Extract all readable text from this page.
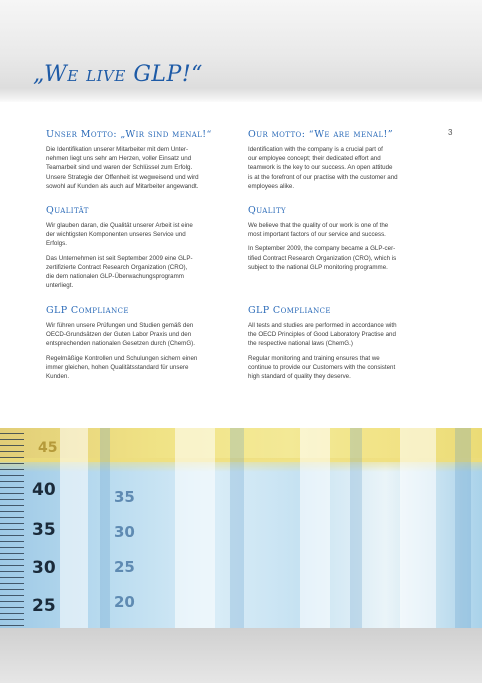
„We live GLP!“
3
Unser Motto: „Wir sind menal!“

Die Identifikation unserer Mitarbeiter mit dem Unter-
nehmen liegt uns sehr am Herzen, voller Einsatz und
Teamarbeit sind und waren der Schlüssel zum Erfolg.
Unsere Strategie der Offenheit ist wegweisend und wird
sowohl auf Kunden als auch auf Mitarbeiter angewandt.

Qualität

Wir glauben daran, die Qualität unserer Arbeit ist eine
der wichtigsten Komponenten unseres Service und
Erfolgs.

Das Unternehmen ist seit September 2009 eine GLP-
zertifizierte Contract Research Organization (CRO),
die dem nationalen GLP-Überwachungsprogramm
unterliegt.

GLP Compliance

Wir führen unsere Prüfungen und Studien gemäß den
OECD-Grundsätzen der Guten Labor Praxis und den
entsprechenden nationalen Gesetzen durch (ChemG).

Regelmäßige Kontrollen und Schulungen sichern einen
immer gleichen, hohen Qualitätsstandard für unsere
Kunden.

Our motto: “We are menal!”

Identification with the company is a crucial part of
our employee concept; their dedicated effort and
teamwork is the key to our success. An open attitude
is at the forefront of our practise with the customer and
employees alike.

Quality

We believe that the quality of our work is one of the
most important factors of our service and success.

In September 2009, the company became a GLP-cer-
tified Contract Research Organization (CRO), which is
subject to the national GLP monitoring programme.

GLP Compliance

All tests and studies are performed in accordance with
the OECD Principles of Good Laboratory Practise and
the respective national laws (ChemG.)

Regular monitoring and training ensures that we
continue to provide our Customers with the consistent
high standard of quality they deserve.

45
40
35
30
25
35
30
25
20
